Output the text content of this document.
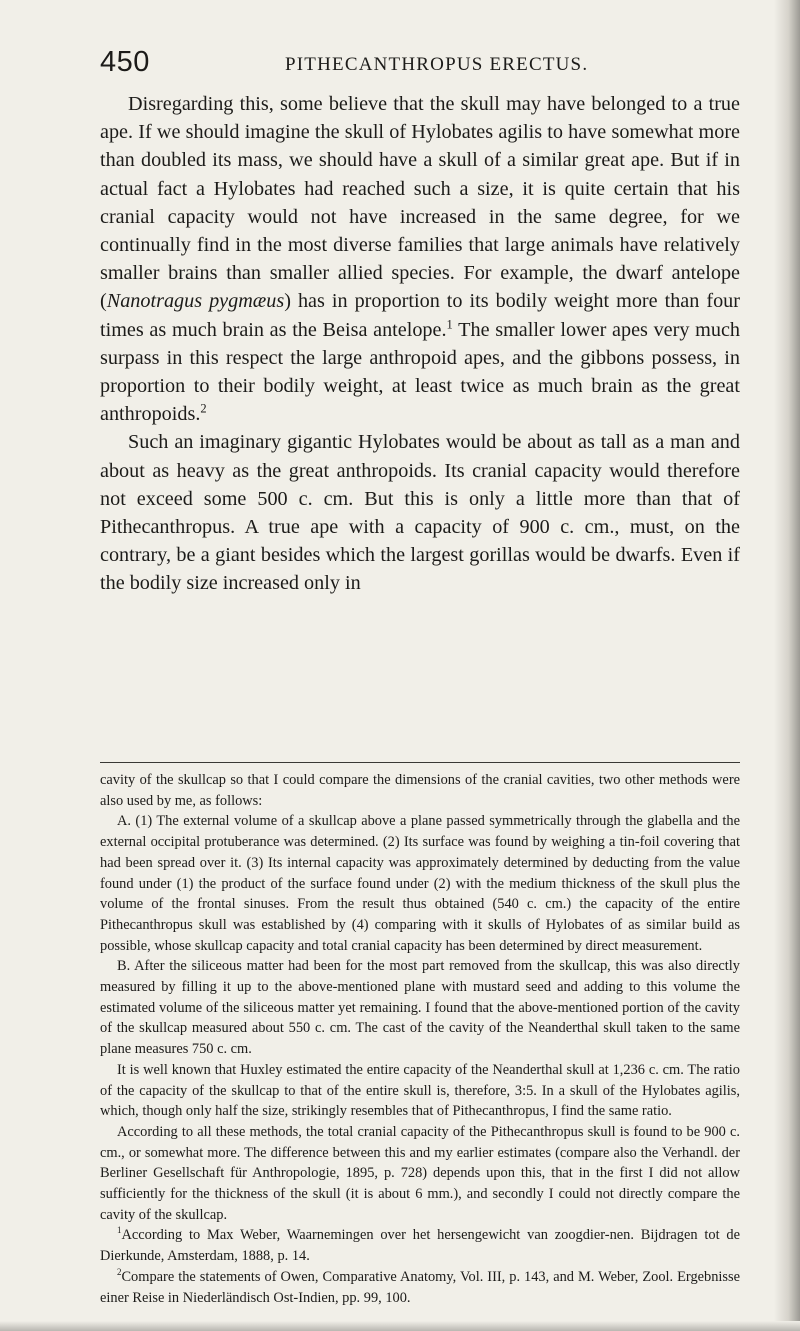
450	PITHECANTHROPUS ERECTUS.

Disregarding this, some believe that the skull may have belonged to a true ape. If we should imagine the skull of Hylobates agilis to have somewhat more than doubled its mass, we should have a skull of a similar great ape. But if in actual fact a Hylobates had reached such a size, it is quite certain that his cranial capacity would not have increased in the same degree, for we continually find in the most diverse families that large animals have relatively smaller brains than smaller allied species. For example, the dwarf antelope (Nanotragus pygmæus) has in proportion to its bodily weight more than four times as much brain as the Beisa antelope.$^1$ The smaller lower apes very much surpass in this respect the large anthropoid apes, and the gibbons possess, in proportion to their bodily weight, at least twice as much brain as the great anthropoids.$^2$

Such an imaginary gigantic Hylobates would be about as tall as a man and about as heavy as the great anthropoids. Its cranial capacity would therefore not exceed some 500 c. cm. But this is only a little more than that of Pithecanthropus. A true ape with a capacity of 900 c. cm., must, on the contrary, be a giant besides which the largest gorillas would be dwarfs. Even if the bodily size increased only in

cavity of the skullcap so that I could compare the dimensions of the cranial cavities, two other methods were also used by me, as follows:

A. (1) The external volume of a skullcap above a plane passed symmetrically through the glabella and the external occipital protuberance was determined. (2) Its surface was found by weighing a tin-foil covering that had been spread over it. (3) Its internal capacity was approximately determined by deducting from the value found under (1) the product of the surface found under (2) with the medium thickness of the skull plus the volume of the frontal sinuses. From the result thus obtained (540 c. cm.) the capacity of the entire Pithecanthropus skull was established by (4) comparing with it skulls of Hylobates of as similar build as possible, whose skullcap capacity and total cranial capacity has been determined by direct measurement.

B. After the siliceous matter had been for the most part removed from the skullcap, this was also directly measured by filling it up to the above-mentioned plane with mustard seed and adding to this volume the estimated volume of the siliceous matter yet remaining. I found that the above-mentioned portion of the cavity of the skullcap measured about 550 c. cm. The cast of the cavity of the Neanderthal skull taken to the same plane measures 750 c. cm.

It is well known that Huxley estimated the entire capacity of the Neanderthal skull at 1,236 c. cm. The ratio of the capacity of the skullcap to that of the entire skull is, therefore, 3:5. In a skull of the Hylobates agilis, which, though only half the size, strikingly resembles that of Pithecanthropus, I find the same ratio.

According to all these methods, the total cranial capacity of the Pithecanthropus skull is found to be 900 c. cm., or somewhat more. The difference between this and my earlier estimates (compare also the Verhandl. der Berliner Gesellschaft für Anthropologie, 1895, p. 728) depends upon this, that in the first I did not allow sufficiently for the thickness of the skull (it is about 6 mm.), and secondly I could not directly compare the cavity of the skullcap.

$^1$According to Max Weber, Waarnemingen over het hersengewicht van zoogdier-nen. Bijdragen tot de Dierkunde, Amsterdam, 1888, p. 14.

$^2$Compare the statements of Owen, Comparative Anatomy, Vol. III, p. 143, and M. Weber, Zool. Ergebnisse einer Reise in Niederländisch Ost-Indien, pp. 99, 100.
